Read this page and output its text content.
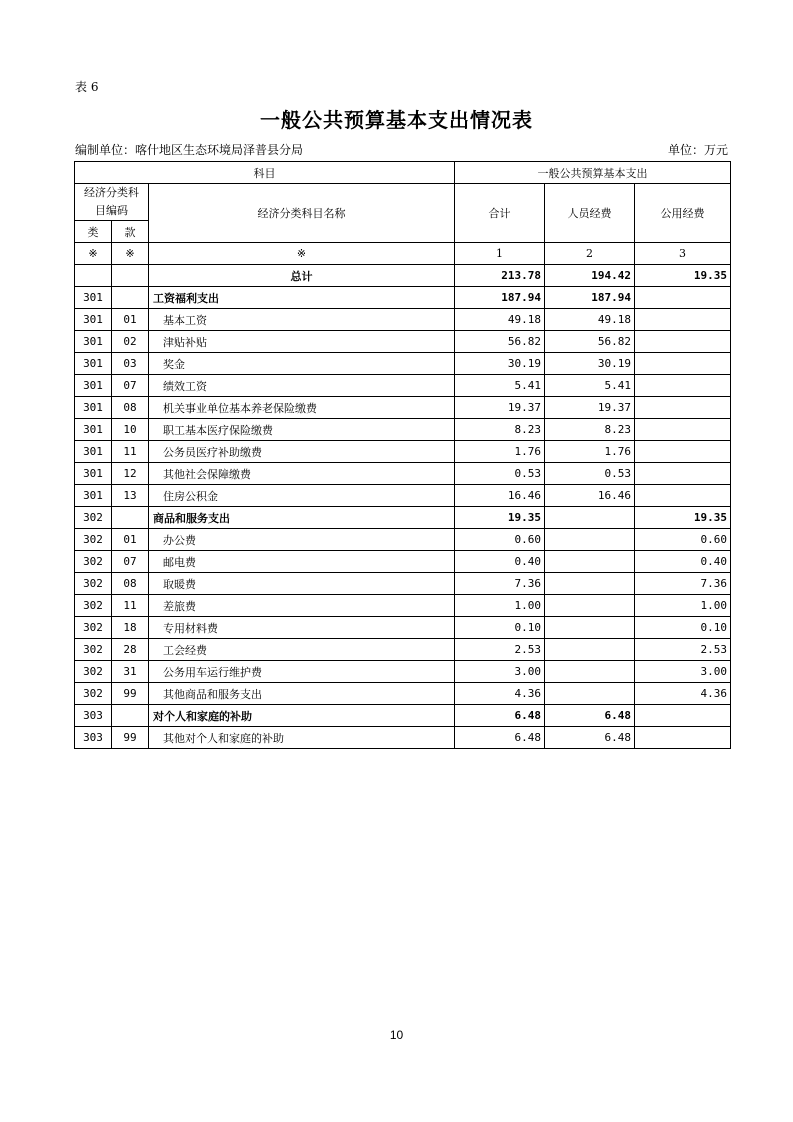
表 6
一般公共预算基本支出情况表
编制单位：喀什地区生态环境局泽普县分局	单位：万元
科目			一般公共预算基本支出		
经济分类科目编码		经济分类科目名称	合计	人员经费	公用经费
类	款				
※	※	※	1	2	3
		总计	213.78	194.42	19.35
301		工资福利支出	187.94	187.94	
301	01	基本工资	49.18	49.18	
301	02	津贴补贴	56.82	56.82	
301	03	奖金	30.19	30.19	
301	07	绩效工资	5.41	5.41	
301	08	机关事业单位基本养老保险缴费	19.37	19.37	
301	10	职工基本医疗保险缴费	8.23	8.23	
301	11	公务员医疗补助缴费	1.76	1.76	
301	12	其他社会保障缴费	0.53	0.53	
301	13	住房公积金	16.46	16.46	
302		商品和服务支出	19.35		19.35
302	01	办公费	0.60		0.60
302	07	邮电费	0.40		0.40
302	08	取暖费	7.36		7.36
302	11	差旅费	1.00		1.00
302	18	专用材料费	0.10		0.10
302	28	工会经费	2.53		2.53
302	31	公务用车运行维护费	3.00		3.00
302	99	其他商品和服务支出	4.36		4.36
303		对个人和家庭的补助	6.48	6.48	
303	99	其他对个人和家庭的补助	6.48	6.48	
10
